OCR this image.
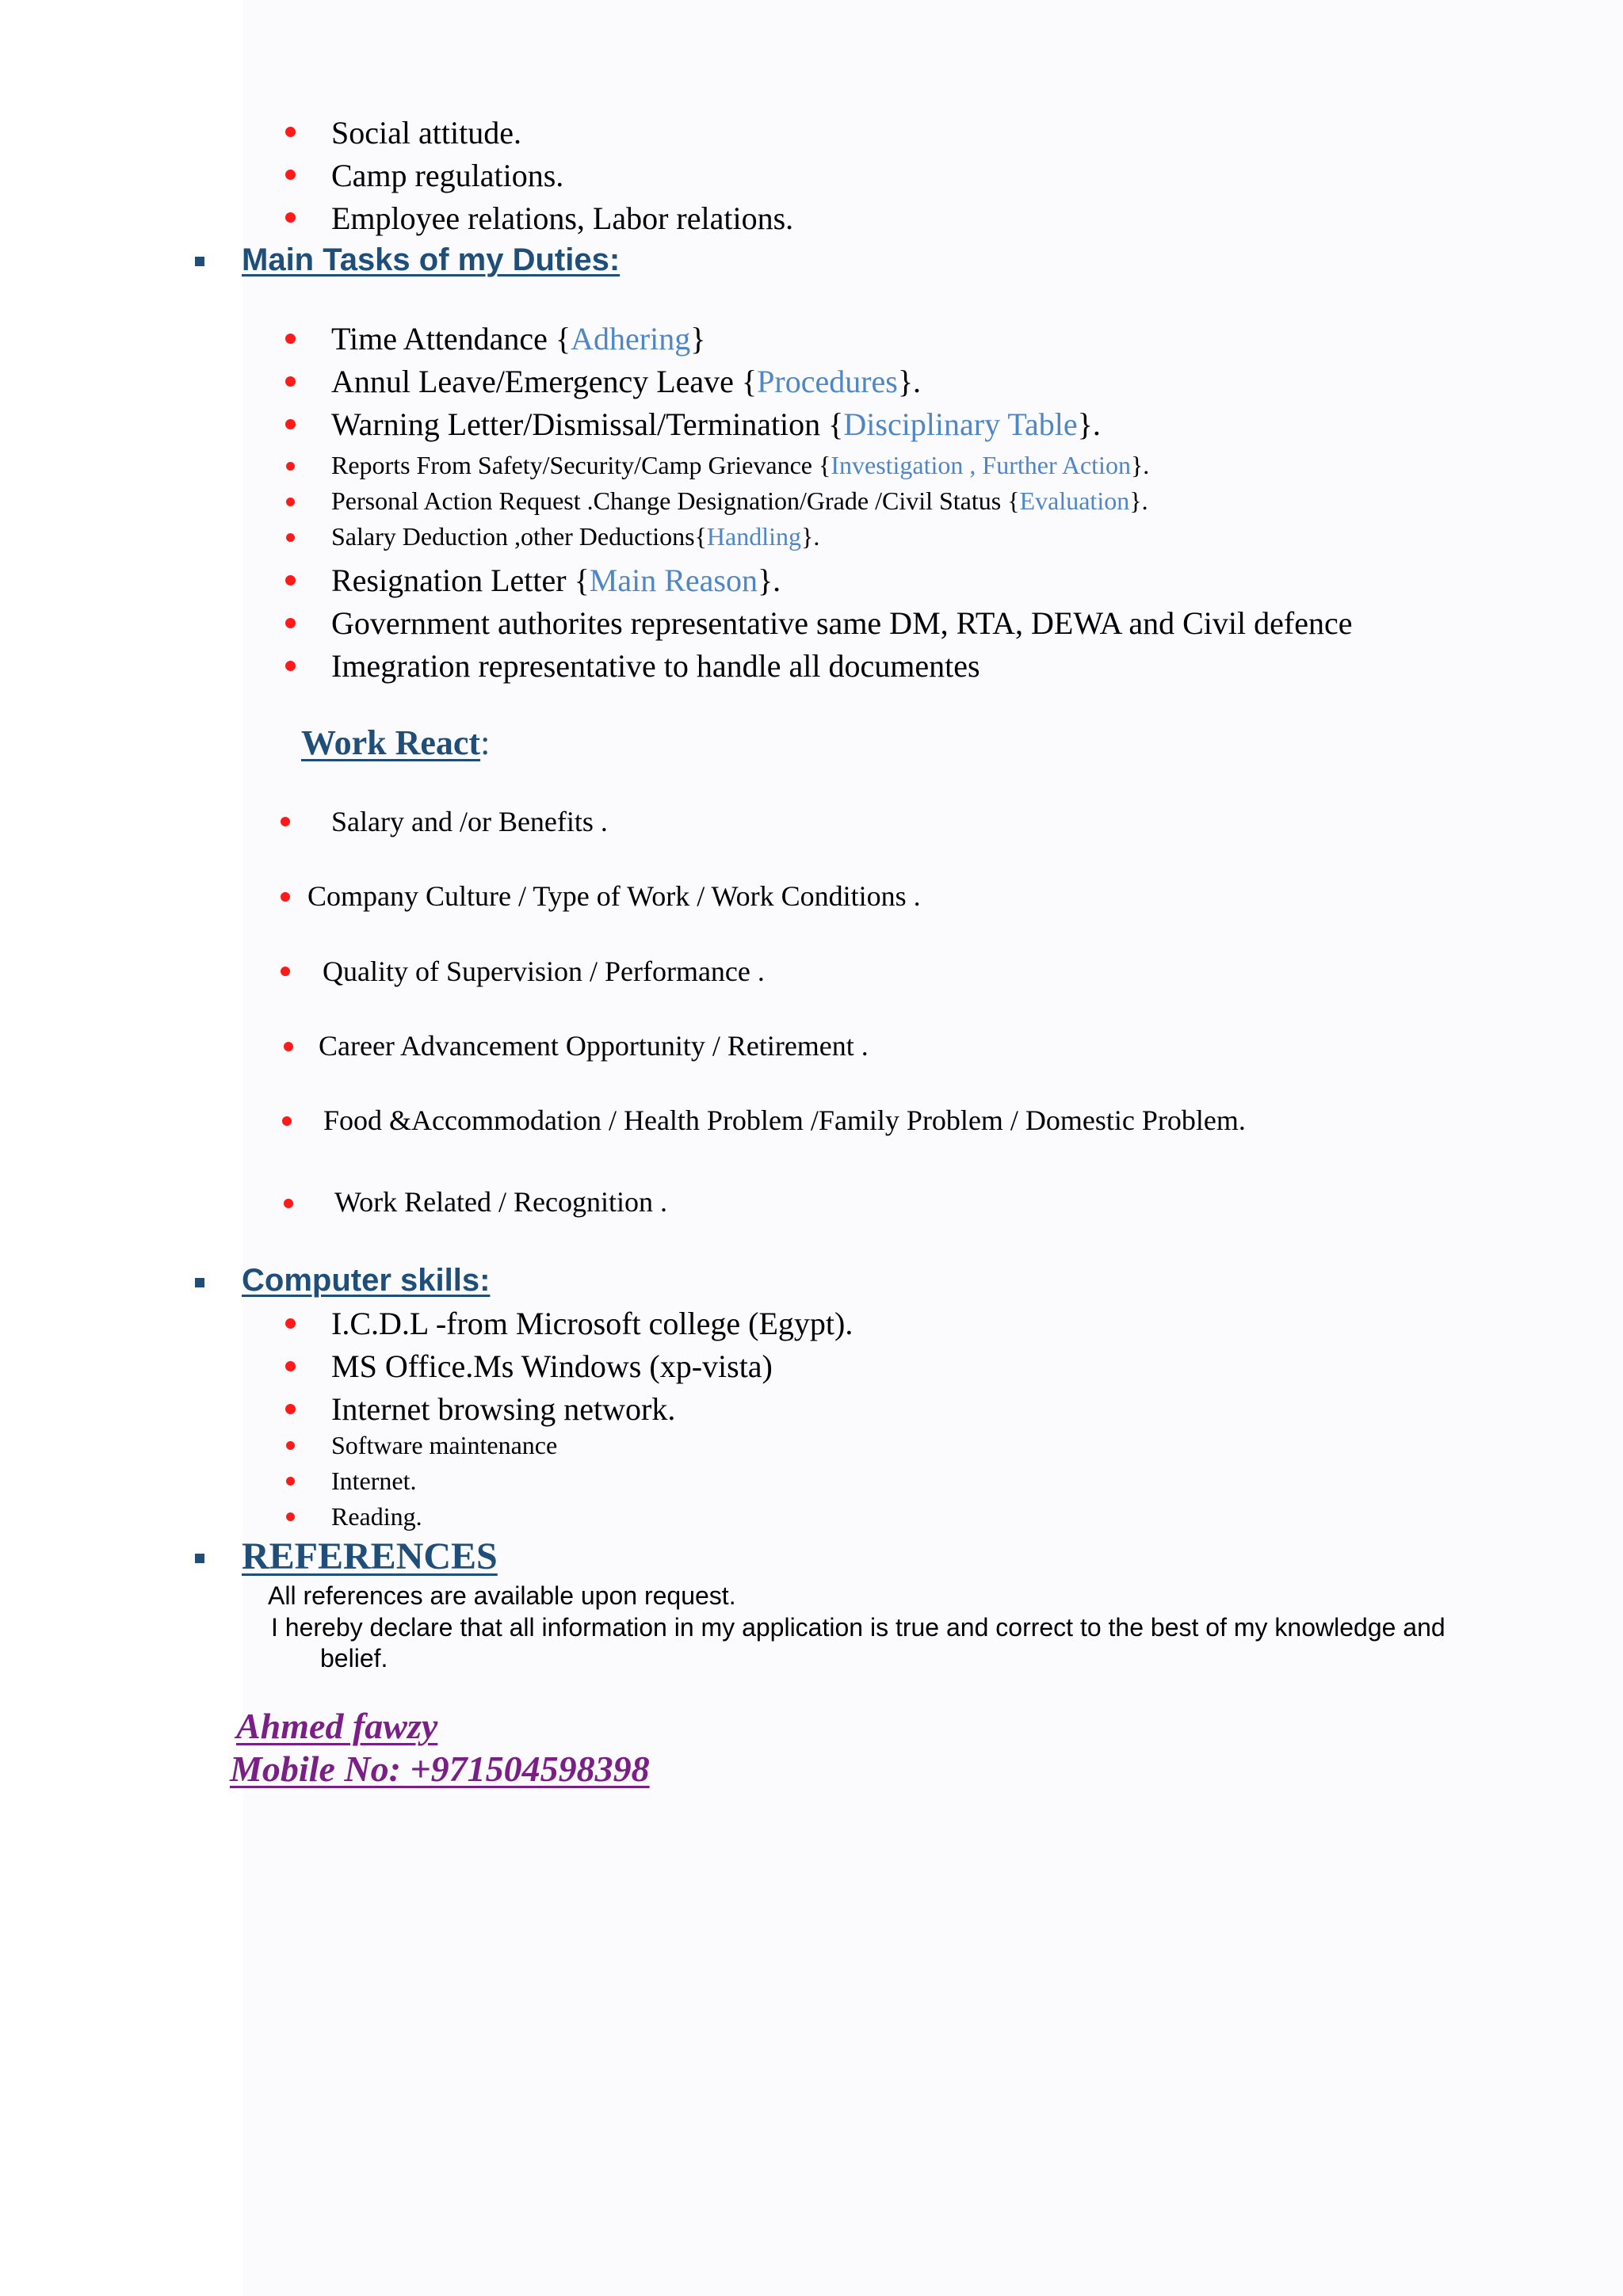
Social attitude.
Camp regulations.
Employee relations, Labor relations.
Main Tasks of my Duties:
Time Attendance {Adhering}
Annul Leave/Emergency Leave {Procedures}.
Warning Letter/Dismissal/Termination {Disciplinary Table}.
Reports From Safety/Security/Camp Grievance {Investigation , Further Action}.
Personal Action Request .Change Designation/Grade /Civil Status {Evaluation}.
Salary Deduction ,other Deductions{Handling}.
Resignation Letter {Main Reason}.
Government authorites representative same DM, RTA, DEWA and Civil defence
Imegration representative to handle all documentes
Work React:
Salary and /or Benefits .
Company Culture / Type of Work / Work Conditions .
Quality of Supervision / Performance .
Career Advancement Opportunity / Retirement .
Food &Accommodation / Health Problem /Family Problem / Domestic Problem.
Work Related / Recognition .
Computer skills:
I.C.D.L -from Microsoft college (Egypt).
MS Office.Ms Windows (xp-vista)
Internet browsing network.
Software maintenance
Internet.
Reading.
REFERENCES
All references are available upon request.
I hereby declare that all information in my application is true and correct to the best of my knowledge and
belief.
Ahmed fawzy
Mobile No: +971504598398
